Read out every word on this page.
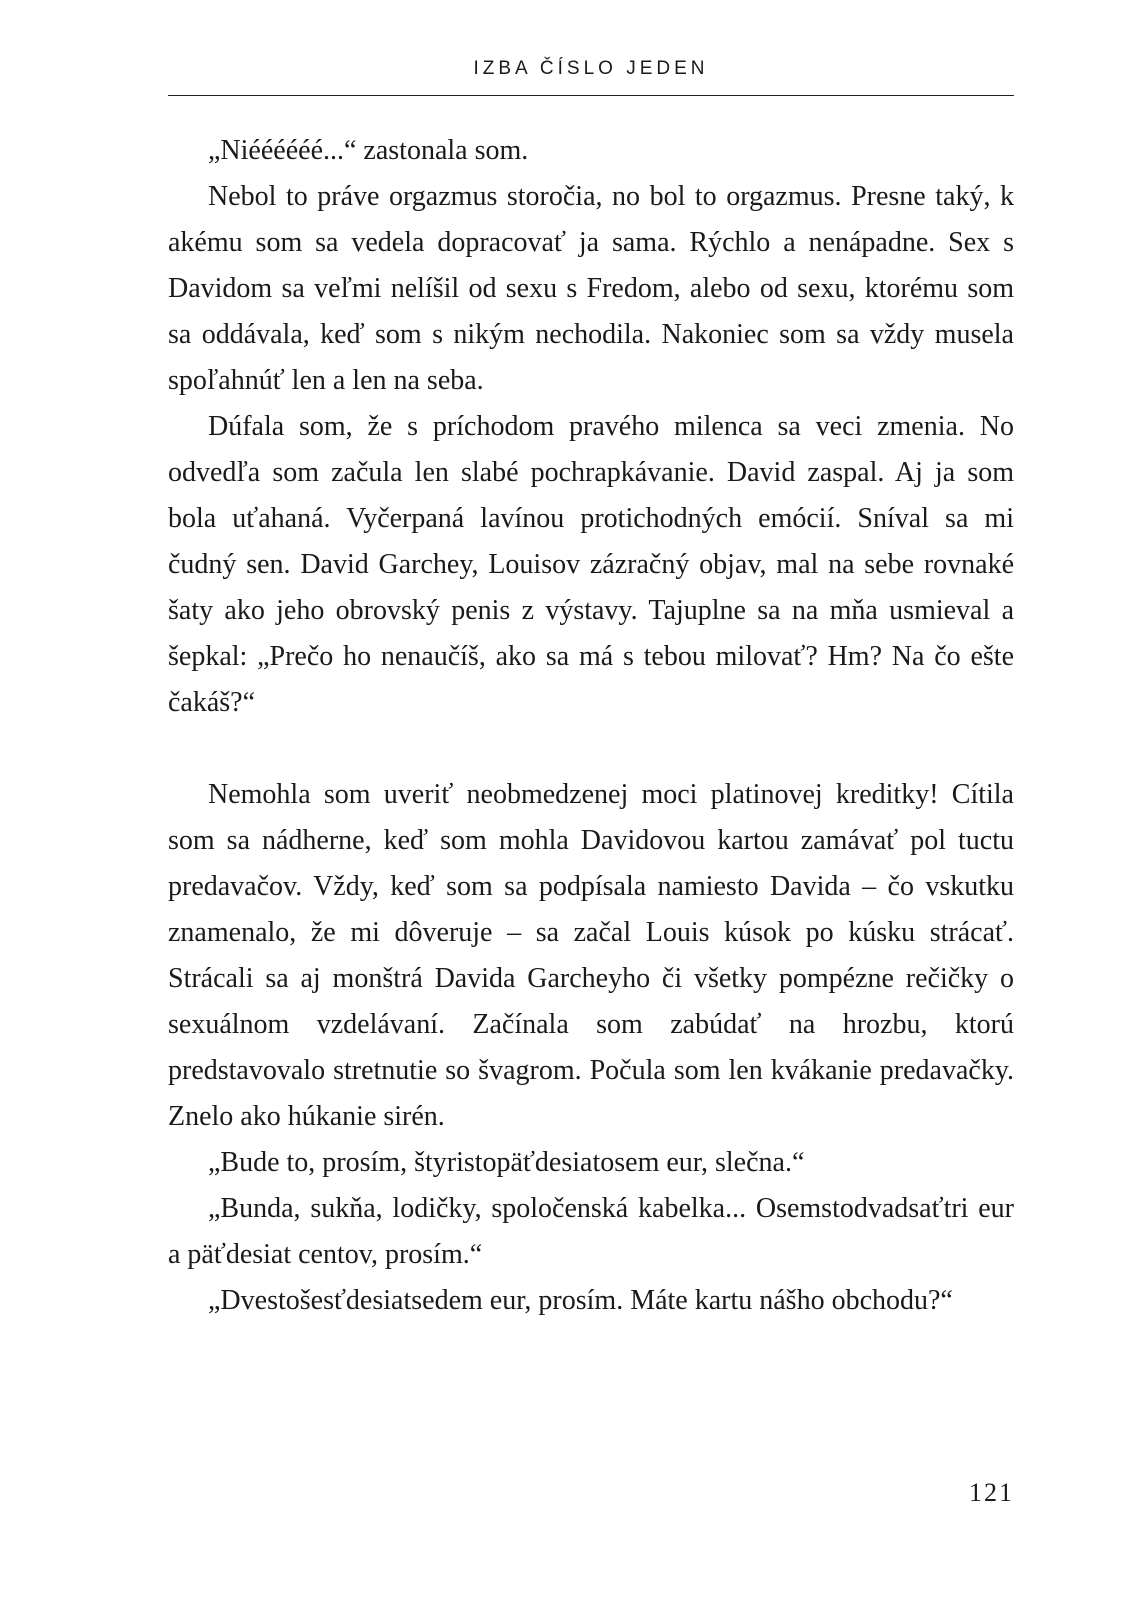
IZBA ČÍSLO JEDEN

„Niéééééé...“ zastonala som.

Nebol to práve orgazmus storočia, no bol to orgazmus. Presne taký, k akému som sa vedela dopracovať ja sama. Rýchlo a nenápadne. Sex s Davidom sa veľmi nelíšil od sexu s Fredom, alebo od sexu, ktorému som sa oddávala, keď som s nikým nechodila. Nakoniec som sa vždy musela spoľahnúť len a len na seba.

Dúfala som, že s príchodom pravého milenca sa veci zmenia. No odvedľa som začula len slabé pochrapkávanie. David zaspal. Aj ja som bola uťahaná. Vyčerpaná lavínou protichodných emócií. Sníval sa mi čudný sen. David Garchey, Louisov zázračný objav, mal na sebe rovnaké šaty ako jeho obrovský penis z výstavy. Tajuplne sa na mňa usmieval a šepkal: „Prečo ho nenaučíš, ako sa má s tebou milovať? Hm? Na čo ešte čakáš?“

Nemohla som uveriť neobmedzenej moci platinovej kreditky! Cítila som sa nádherne, keď som mohla Davidovou kartou zamávať pol tuctu predavačov. Vždy, keď som sa podpísala namiesto Davida – čo vskutku znamenalo, že mi dôveruje – sa začal Louis kúsok po kúsku strácať. Strácali sa aj monštrá Davida Garcheyho či všetky pompézne rečičky o sexuálnom vzdelávaní. Začínala som zabúdať na hrozbu, ktorú predstavovalo stretnutie so švagrom. Počula som len kvákanie predavačky. Znelo ako húkanie sirén.

„Bude to, prosím, štyristopäťdesiatosem eur, slečna.“

„Bunda, sukňa, lodičky, spoločenská kabelka... Osemstodvadsaťtri eur a päťdesiat centov, prosím.“

„Dvestošesťdesiatsedem eur, prosím. Máte kartu nášho obchodu?“

121
